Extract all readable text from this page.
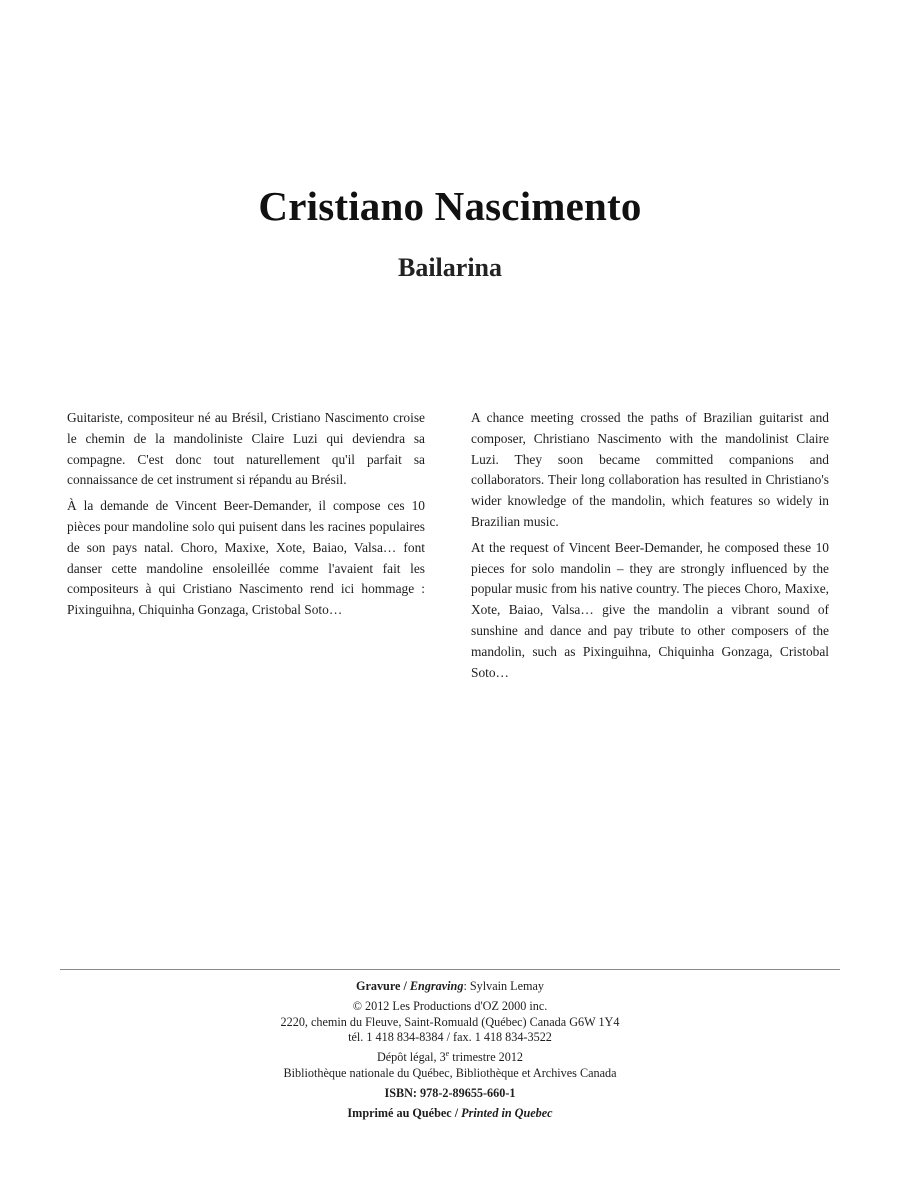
Cristiano Nascimento
Bailarina

Guitariste, compositeur né au Brésil, Cristiano Nascimento croise le chemin de la mandoliniste Claire Luzi qui deviendra sa compagne. C'est donc tout naturellement qu'il parfait sa connaissance de cet instrument si répandu au Brésil.

À la demande de Vincent Beer-Demander, il compose ces 10 pièces pour mandoline solo qui puisent dans les racines populaires de son pays natal. Choro, Maxixe, Xote, Baiao, Valsa… font danser cette mandoline ensoleillée comme l'avaient fait les compositeurs à qui Cristiano Nascimento rend ici hommage : Pixinguihna, Chiquinha Gonzaga, Cristobal Soto…

A chance meeting crossed the paths of Brazilian guitarist and composer, Christiano Nascimento with the mandolinist Claire Luzi. They soon became committed companions and collaborators. Their long collaboration has resulted in Christiano's wider knowledge of the mandolin, which features so widely in Brazilian music.

At the request of Vincent Beer-Demander, he composed these 10 pieces for solo mandolin – they are strongly influenced by the popular music from his native country. The pieces Choro, Maxixe, Xote, Baiao, Valsa… give the mandolin a vibrant sound of sunshine and dance and pay tribute to other composers of the mandolin, such as Pixinguihna, Chiquinha Gonzaga, Cristobal Soto…

Gravure / Engraving: Sylvain Lemay
© 2012 Les Productions d'OZ 2000 inc.
2220, chemin du Fleuve, Saint-Romuald (Québec) Canada G6W 1Y4
tél. 1 418 834-8384 / fax. 1 418 834-3522
Dépôt légal, 3e trimestre 2012
Bibliothèque nationale du Québec, Bibliothèque et Archives Canada
ISBN: 978-2-89655-660-1
Imprimé au Québec / Printed in Quebec
